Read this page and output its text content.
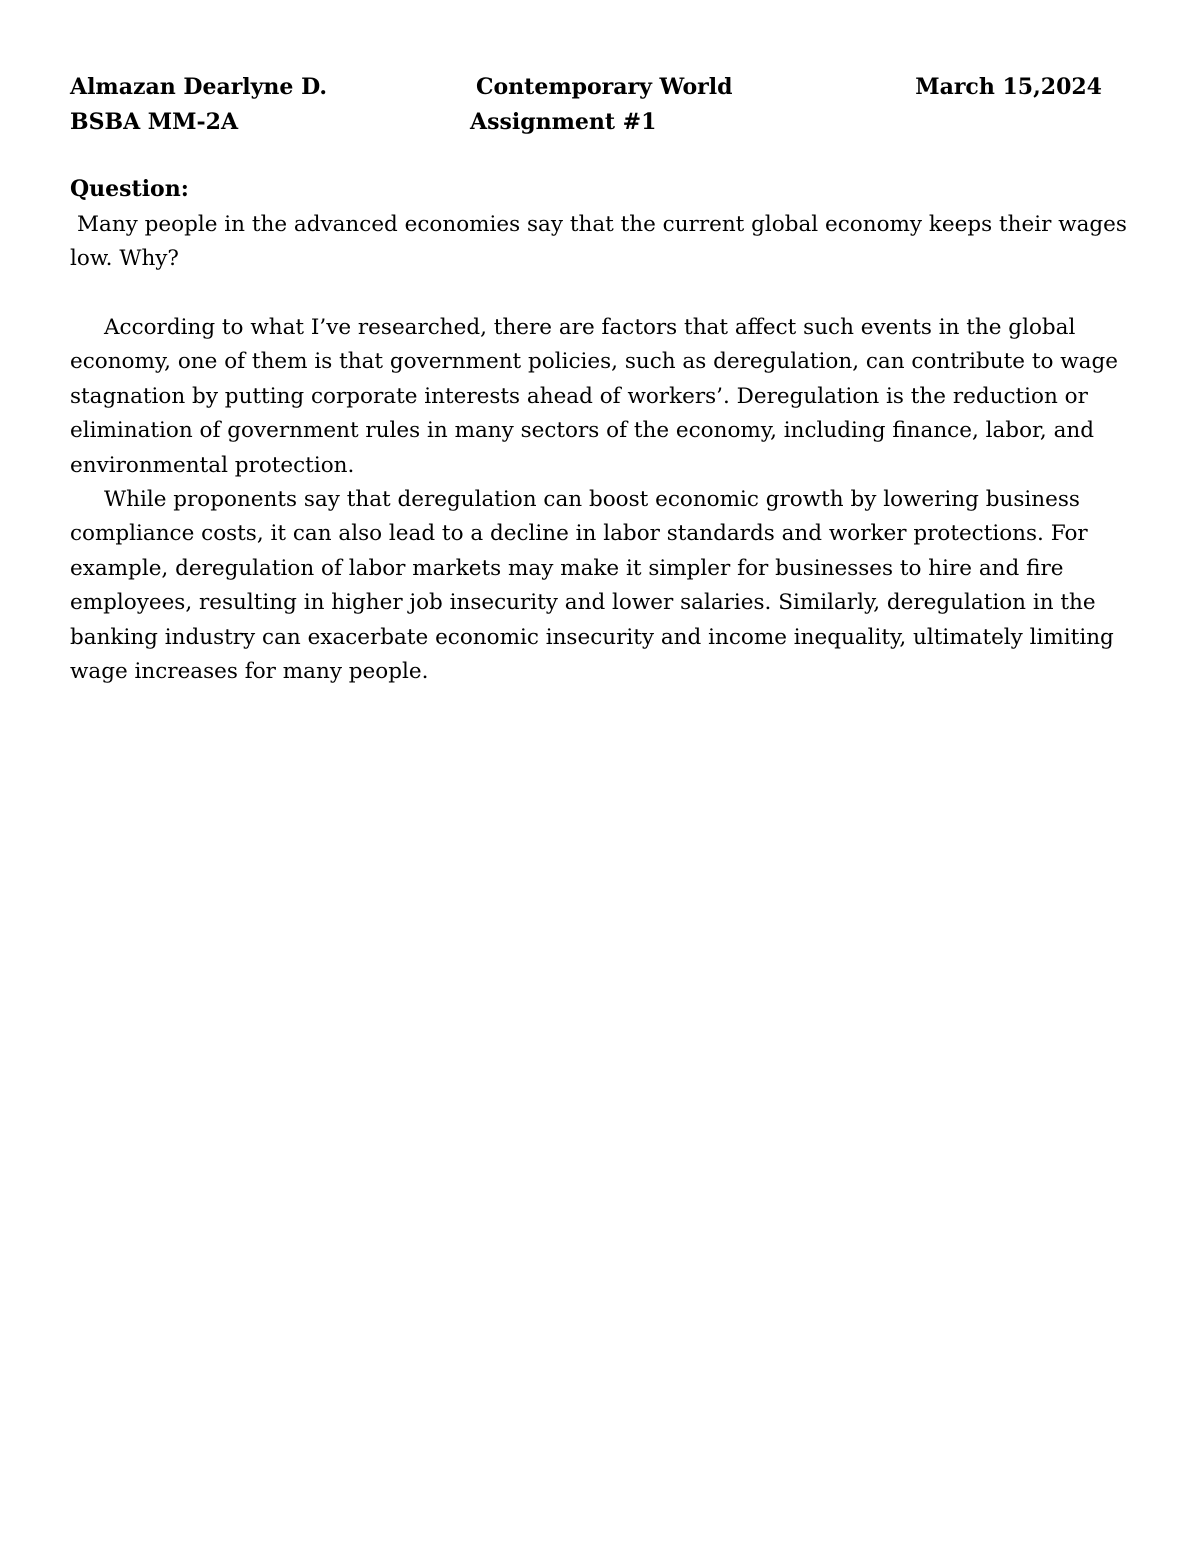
Almazan Dearlyne D.	Contemporary World	March 15,2024
BSBA MM-2A	Assignment #1
Question:
Many people in the advanced economies say that the current global economy keeps their wages low. Why?

According to what I’ve researched, there are factors that affect such events in the global economy, one of them is that government policies, such as deregulation, can contribute to wage stagnation by putting corporate interests ahead of workers’. Deregulation is the reduction or elimination of government rules in many sectors of the economy, including finance, labor, and environmental protection.

While proponents say that deregulation can boost economic growth by lowering business compliance costs, it can also lead to a decline in labor standards and worker protections. For example, deregulation of labor markets may make it simpler for businesses to hire and fire employees, resulting in higher job insecurity and lower salaries. Similarly, deregulation in the banking industry can exacerbate economic insecurity and income inequality, ultimately limiting wage increases for many people.
